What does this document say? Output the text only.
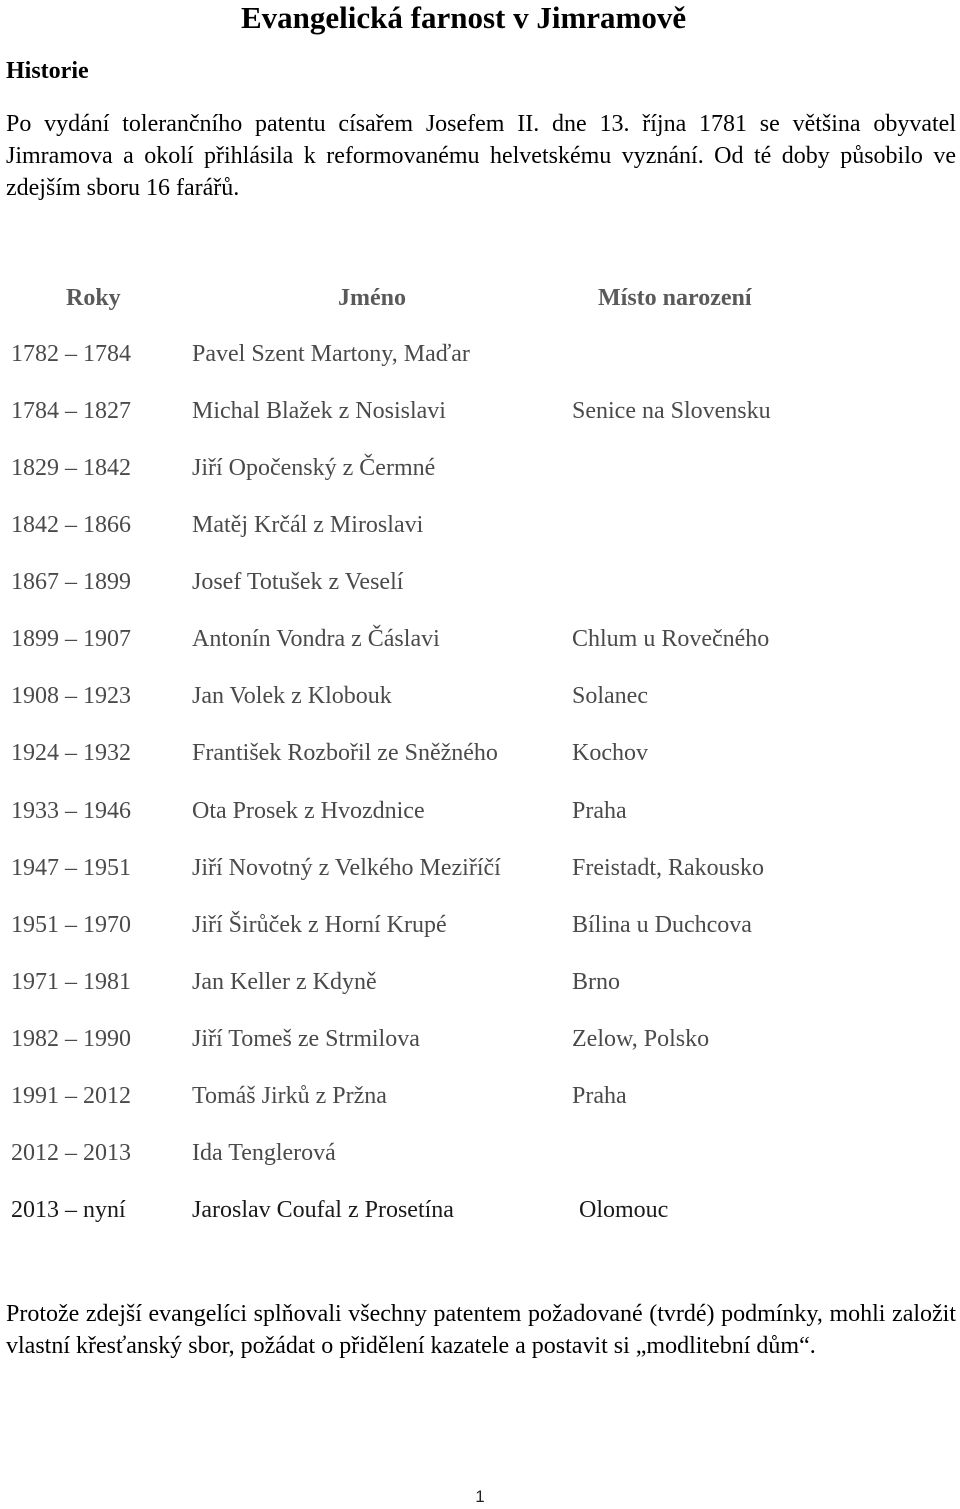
Evangelická farnost v Jimramově
Historie

Po vydání tolerančního patentu císařem Josefem II. dne 13. října 1781 se většina obyvatel Jimramova a okolí přihlásila k reformovanému helvetskému vyznání. Od té doby působilo ve zdejším sboru 16 farářů.

Roky	Jméno	Místo narození
1782 – 1784	Pavel Szent Martony, Maďar
1784 – 1827	Michal Blažek z Nosislavi	Senice na Slovensku
1829 – 1842	Jiří Opočenský z Čermné
1842 – 1866	Matěj Krčál z Miroslavi
1867 – 1899	Josef Totušek z Veselí
1899 – 1907	Antonín Vondra z Čáslavi	Chlum u Rovečného
1908 – 1923	Jan Volek z Klobouk	Solanec
1924 – 1932	František Rozbořil ze Sněžného	Kochov
1933 – 1946	Ota Prosek z Hvozdnice	Praha
1947 – 1951	Jiří Novotný z Velkého Meziříčí	Freistadt, Rakousko
1951 – 1970	Jiří Širůček z Horní Krupé	Bílina u Duchcova
1971 – 1981	Jan Keller z Kdyně	Brno
1982 – 1990	Jiří Tomeš ze Strmilova	Zelow, Polsko
1991 – 2012	Tomáš Jirků z Pržna	Praha
2012 – 2013	Ida Tenglerová
2013 – nyní	Jaroslav Coufal z Prosetína	Olomouc

Protože zdejší evangelíci splňovali všechny patentem požadované (tvrdé) podmínky, mohli založit vlastní křesťanský sbor, požádat o přidělení kazatele a postavit si „modlitební dům“.

1
